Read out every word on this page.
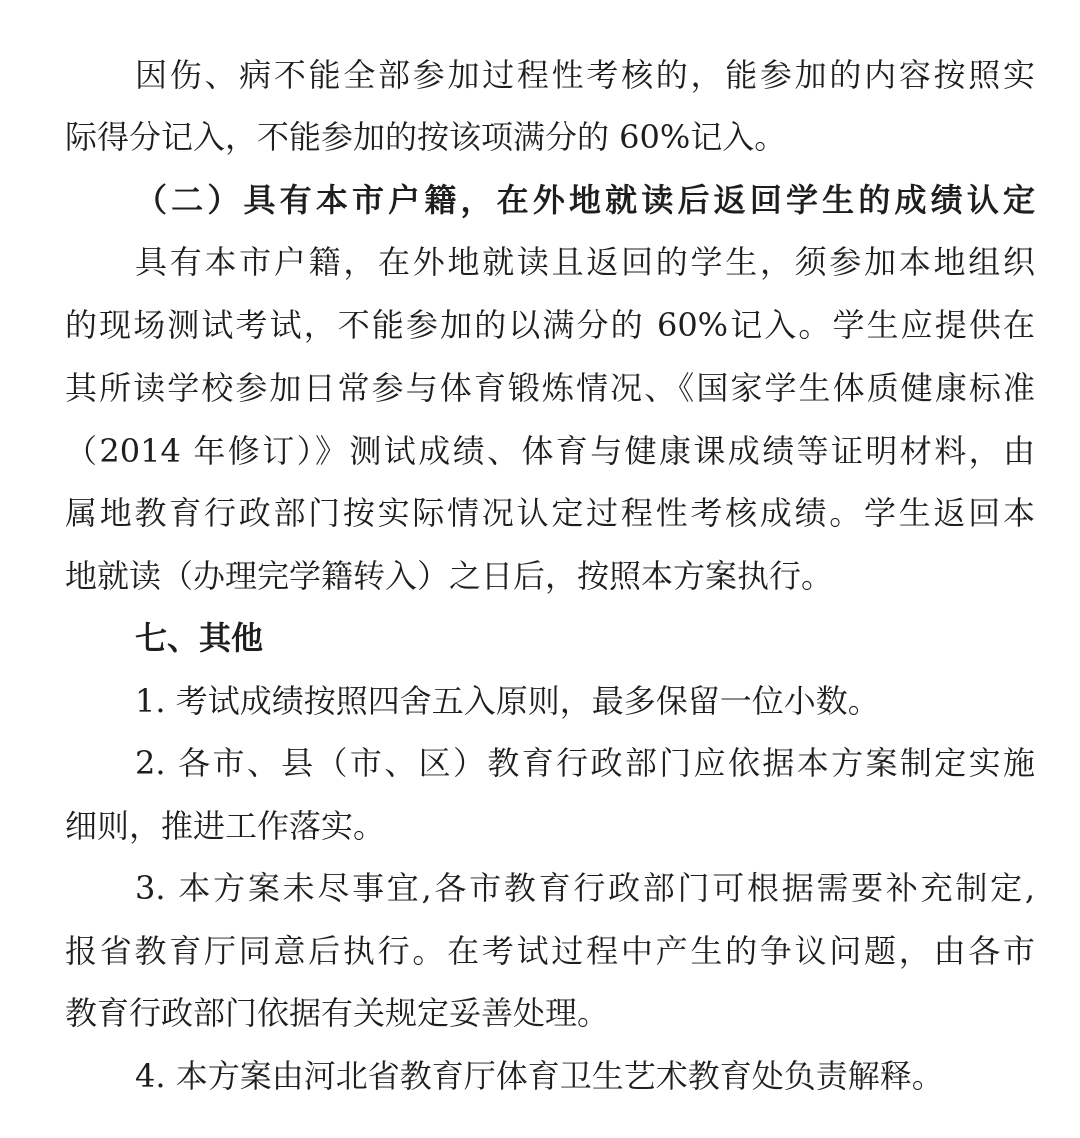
因伤、病不能全部参加过程性考核的，能参加的内容按照实
际得分记入，不能参加的按该项满分的 60%记入。
（二）具有本市户籍，在外地就读后返回学生的成绩认定
具有本市户籍，在外地就读且返回的学生，须参加本地组织
的现场测试考试，不能参加的以满分的 60%记入。学生应提供在
其所读学校参加日常参与体育锻炼情况、《国家学生体质健康标准
（2014 年修订）》测试成绩、体育与健康课成绩等证明材料，由
属地教育行政部门按实际情况认定过程性考核成绩。学生返回本
地就读（办理完学籍转入）之日后，按照本方案执行。
七、其他
1. 考试成绩按照四舍五入原则，最多保留一位小数。
2. 各市、县（市、区）教育行政部门应依据本方案制定实施
细则，推进工作落实。
3. 本方案未尽事宜,各市教育行政部门可根据需要补充制定,
报省教育厅同意后执行。在考试过程中产生的争议问题，由各市
教育行政部门依据有关规定妥善处理。
4. 本方案由河北省教育厅体育卫生艺术教育处负责解释。
